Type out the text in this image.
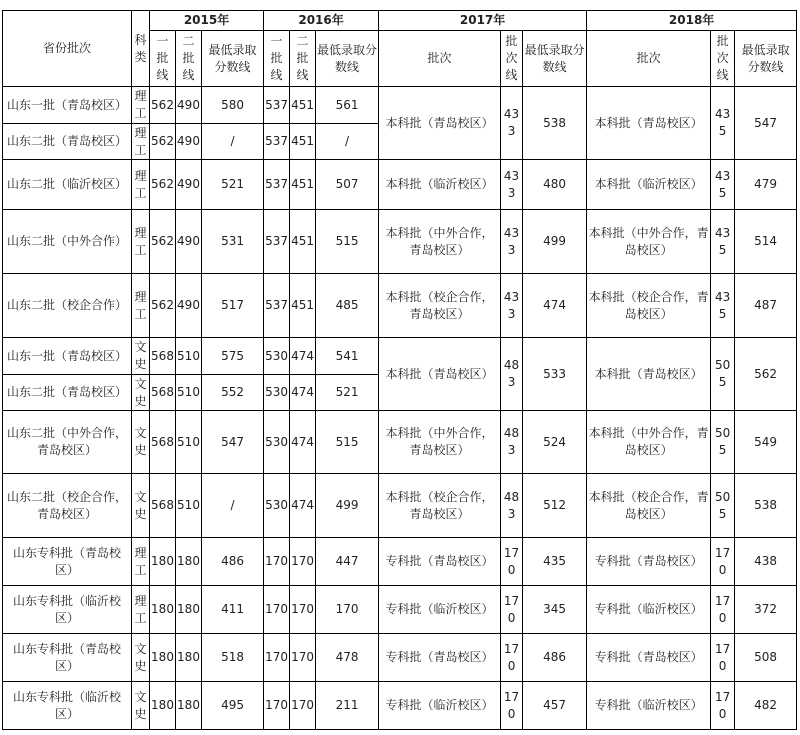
省份批次	科类	2015年			2016年			2017年			2018年		
		一批线	二批线	最低录取分数线	一批线	二批线	最低录取分数线	批次	批次线	最低录取分数线	批次	批次线	最低录取分数线
山东一批（青岛校区）	理工	562	490	580	537	451	561	本科批（青岛校区）	433	538	本科批（青岛校区）	435	547
山东二批（青岛校区）	理工	562	490	/	537	451	/						
山东二批（临沂校区）	理工	562	490	521	537	451	507	本科批（临沂校区）	433	480	本科批（临沂校区）	435	479
山东二批（中外合作）	理工	562	490	531	537	451	515	本科批（中外合作，青岛校区）	433	499	本科批（中外合作，青岛校区）	435	514
山东二批（校企合作）	理工	562	490	517	537	451	485	本科批（校企合作，青岛校区）	433	474	本科批（校企合作，青岛校区）	435	487
山东一批（青岛校区）	文史	568	510	575	530	474	541	本科批（青岛校区）	483	533	本科批（青岛校区）	505	562
山东二批（青岛校区）	文史	568	510	552	530	474	521						
山东二批（中外合作，青岛校区）	文史	568	510	547	530	474	515	本科批（中外合作，青岛校区）	483	524	本科批（中外合作，青岛校区）	505	549
山东二批（校企合作，青岛校区）	文史	568	510	/	530	474	499	本科批（校企合作，青岛校区）	483	512	本科批（校企合作，青岛校区）	505	538
山东专科批（青岛校区）	理工	180	180	486	170	170	447	专科批（青岛校区）	170	435	专科批（青岛校区）	170	438
山东专科批（临沂校区）	理工	180	180	411	170	170	170	专科批（临沂校区）	170	345	专科批（临沂校区）	170	372
山东专科批（青岛校区）	文史	180	180	518	170	170	478	专科批（青岛校区）	170	486	专科批（青岛校区）	170	508
山东专科批（临沂校区）	文史	180	180	495	170	170	211	专科批（临沂校区）	170	457	专科批（临沂校区）	170	482
